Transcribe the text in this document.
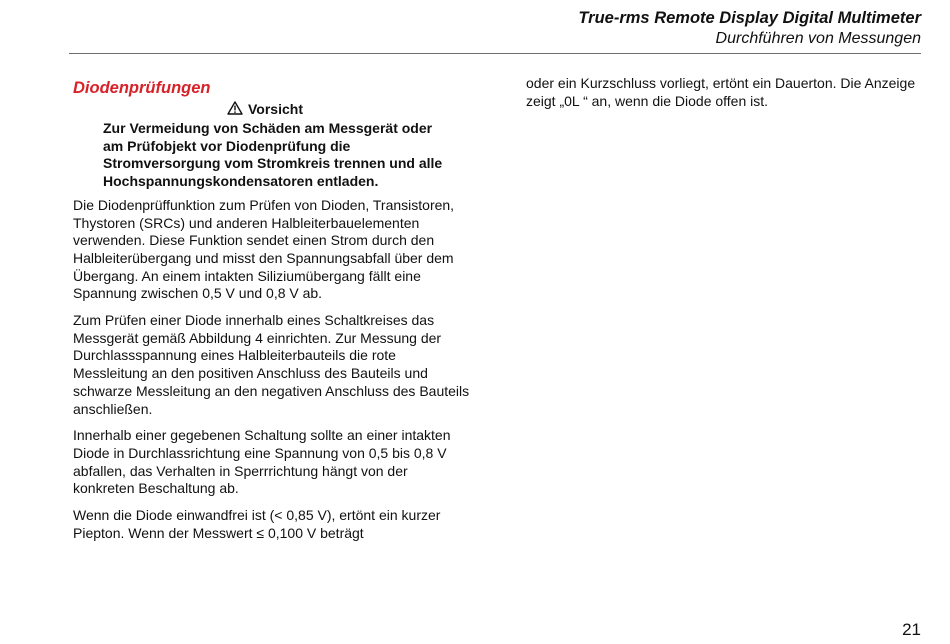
True-rms Remote Display Digital Multimeter
Durchführen von Messungen
Diodenprüfungen
Vorsicht

Zur Vermeidung von Schäden am Messgerät oder am Prüfobjekt vor Diodenprüfung die Stromversorgung vom Stromkreis trennen und alle Hochspannungskondensatoren entladen.

Die Diodenprüffunktion zum Prüfen von Dioden, Transistoren, Thystoren (SRCs) und anderen Halbleiterbauelementen verwenden. Diese Funktion sendet einen Strom durch den Halbleiterübergang und misst den Spannungsabfall über dem Übergang. An einem intakten Siliziumübergang fällt eine Spannung zwischen 0,5 V und 0,8 V ab.

Zum Prüfen einer Diode innerhalb eines Schaltkreises das Messgerät gemäß Abbildung 4 einrichten. Zur Messung der Durchlassspannung eines Halbleiterbauteils die rote Messleitung an den positiven Anschluss des Bauteils und schwarze Messleitung an den negativen Anschluss des Bauteils anschließen.

Innerhalb einer gegebenen Schaltung sollte an einer intakten Diode in Durchlassrichtung eine Spannung von 0,5 bis 0,8 V abfallen, das Verhalten in Sperrrichtung hängt von der konkreten Beschaltung ab.

Wenn die Diode einwandfrei ist (< 0,85 V), ertönt ein kurzer Piepton. Wenn der Messwert ≤ 0,100 V beträgt

oder ein Kurzschluss vorliegt, ertönt ein Dauerton. Die Anzeige zeigt „0L “ an, wenn die Diode offen ist.

21
